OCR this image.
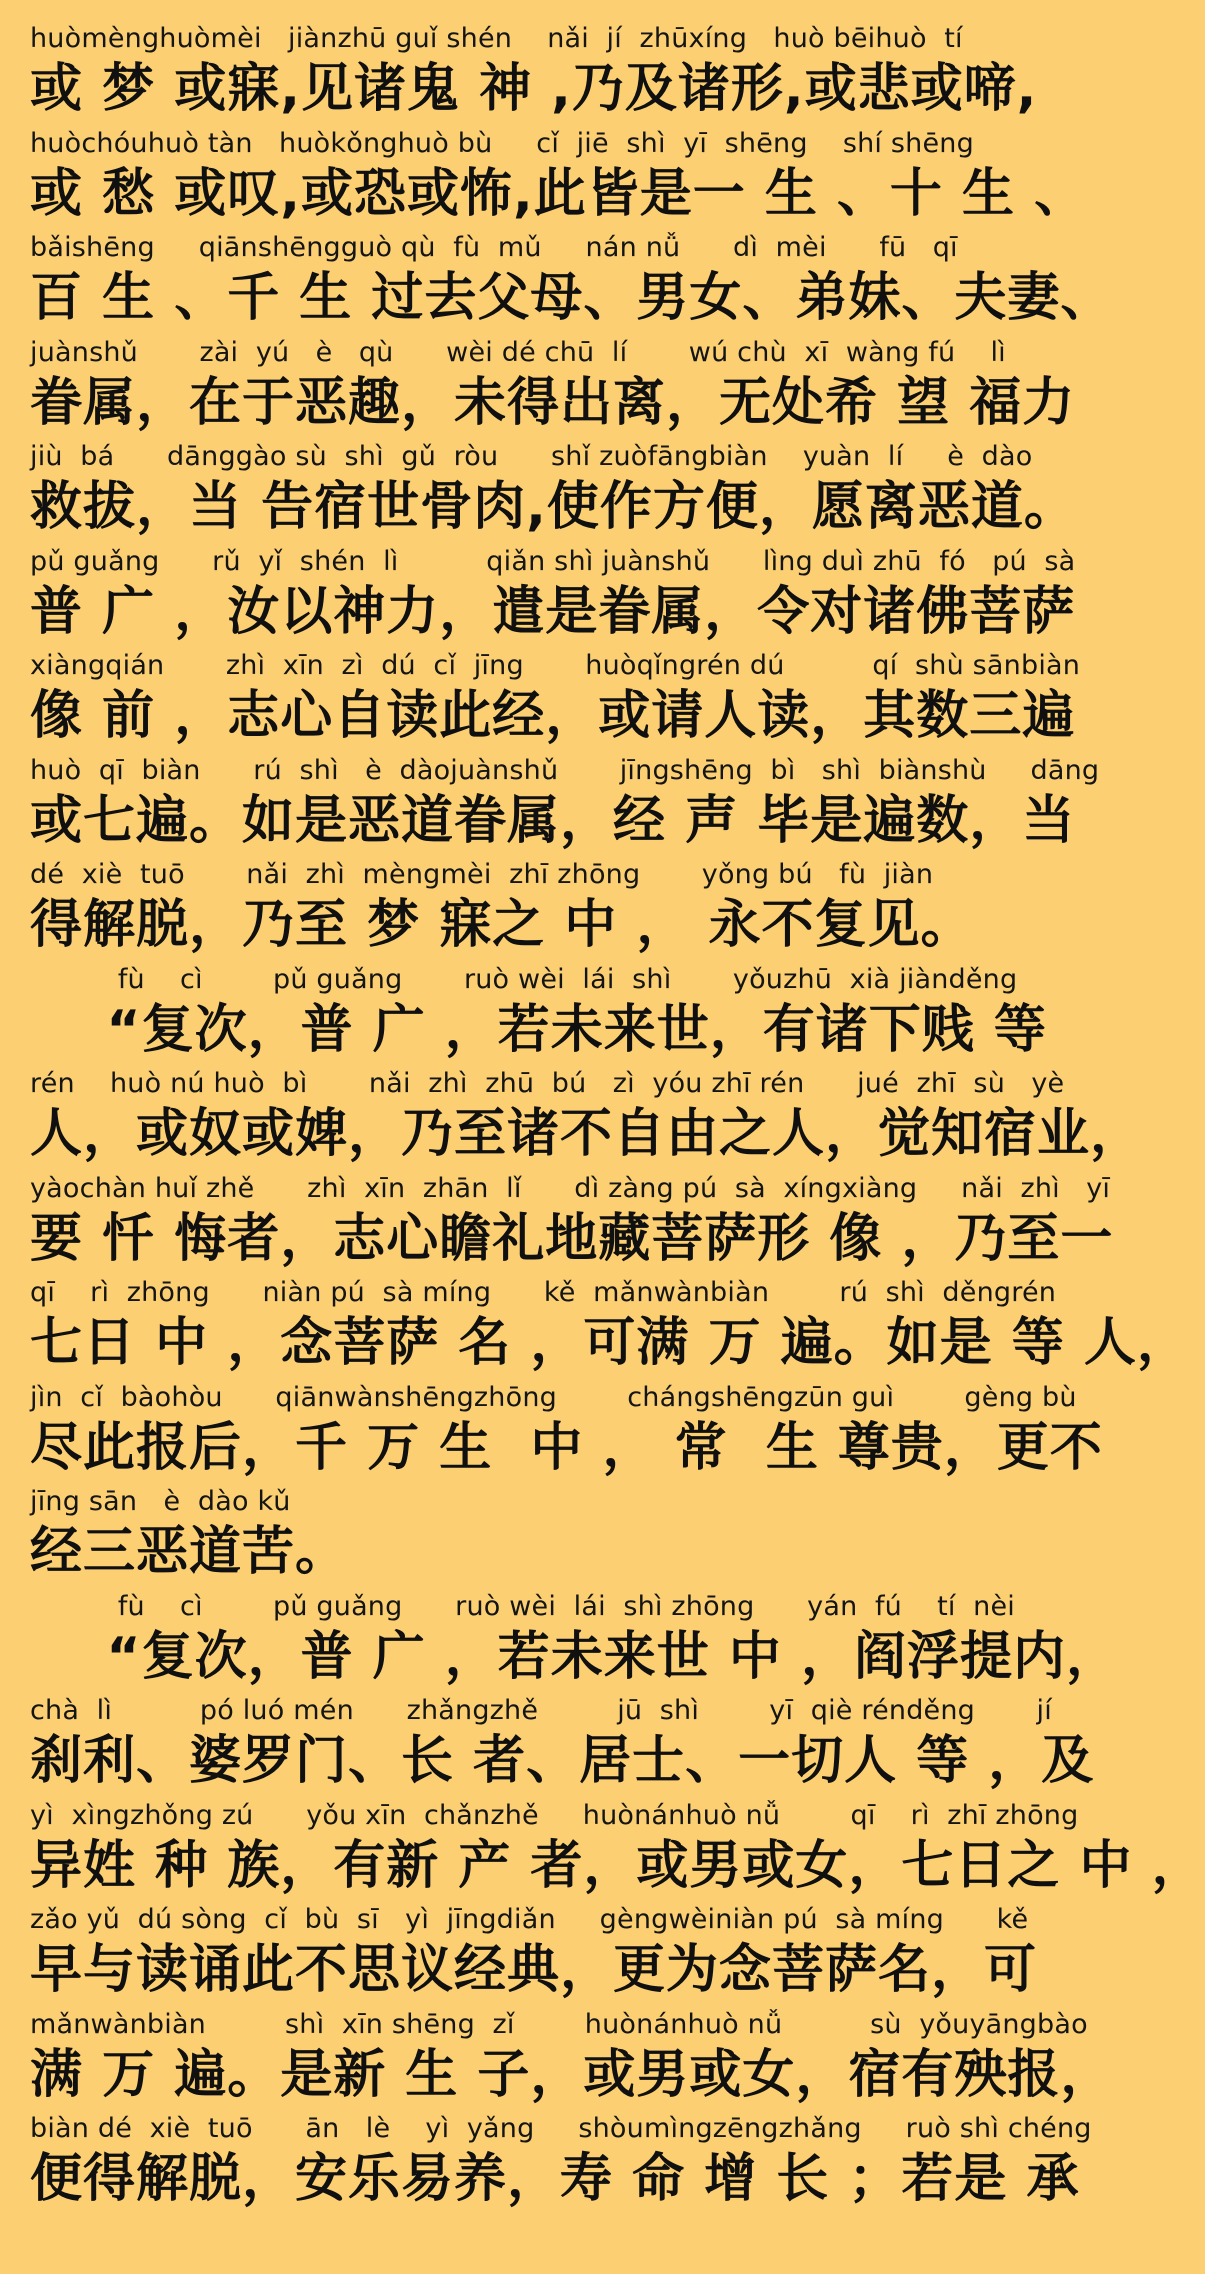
huòmènghuòmèi   jiànzhū guǐ shén    nǎi  jí  zhūxíng   huò bēihuò  tí
或 梦 或寐,见诸鬼 神 ,乃及诸形,或悲或啼,
huòchóuhuò tàn   huòkǒnghuò bù     cǐ  jiē  shì  yī  shēng    shí shēng
或 愁 或叹,或恐或怖,此皆是一 生 、十 生 、
bǎishēng     qiānshēngguò qù  fù  mǔ     nán nǚ      dì  mèi      fū   qī
百 生 、千 生 过去父母、男女、弟妹、夫妻、
juànshǔ       zài  yú   è   qù      wèi dé chū  lí       wú chù  xī  wàng fú    lì
眷属，在于恶趣，未得出离，无处希 望 福力
jiù  bá      dānggào sù  shì  gǔ  ròu      shǐ zuòfāngbiàn    yuàn  lí     è  dào
救拔，当 告宿世骨肉,使作方便，愿离恶道。
pǔ guǎng      rǔ  yǐ  shén  lì          qiǎn shì juànshǔ      lìng duì zhū  fó   pú  sà
普 广 ，汝以神力，遣是眷属，令对诸佛菩萨
xiàngqián       zhì  xīn  zì  dú  cǐ  jīng       huòqǐngrén dú          qí  shù sānbiàn
像 前 ，志心自读此经，或请人读，其数三遍
huò  qī  biàn      rú  shì   è  dàojuànshǔ       jīngshēng  bì   shì  biànshù     dāng
或七遍。如是恶道眷属，经 声 毕是遍数，当
dé  xiè  tuō       nǎi  zhì  mèngmèi  zhī zhōng       yǒng bú   fù  jiàn
得解脱，乃至 梦 寐之 中 ， 永不复见。
fù    cì        pǔ guǎng       ruò wèi  lái  shì       yǒuzhū  xià jiànděng
“复次，普 广 ，若未来世，有诸下贱 等
rén    huò nú huò  bì       nǎi  zhì  zhū  bú   zì  yóu zhī rén      jué  zhī  sù   yè
人，或奴或婢，乃至诸不自由之人，觉知宿业，
yàochàn huǐ zhě      zhì  xīn  zhān  lǐ      dì zàng pú  sà  xíngxiàng     nǎi  zhì   yī
要 忏 悔者，志心瞻礼地藏菩萨形 像 ，乃至一
qī    rì  zhōng      niàn pú  sà míng      kě  mǎnwànbiàn        rú  shì  děngrén
七日 中 ，念菩萨 名 ，可满 万 遍。如是 等 人，
jìn  cǐ  bàohòu      qiānwànshēngzhōng        chángshēngzūn guì        gèng bù
尽此报后，千 万 生  中 ， 常  生 尊贵，更不
jīng sān   è  dào kǔ
经三恶道苦。
fù    cì        pǔ guǎng      ruò wèi  lái  shì zhōng      yán  fú    tí  nèi
“复次，普 广 ，若未来世 中 ，阎浮提内，
chà  lì          pó luó mén      zhǎngzhě         jū  shì        yī  qiè rénděng       jí
刹利、婆罗门、长 者、居士、一切人 等 ，及
yì  xìngzhǒng zú      yǒu xīn  chǎnzhě     huònánhuò nǚ        qī    rì  zhī zhōng
异姓 种 族，有新 产 者，或男或女，七日之 中 ，
zǎo yǔ  dú sòng  cǐ  bù  sī   yì  jīngdiǎn     gèngwèiniàn pú  sà míng      kě
早与读诵此不思议经典，更为念菩萨名，可
mǎnwànbiàn         shì  xīn shēng  zǐ        huònánhuò nǚ          sù  yǒuyāngbào
满 万 遍。是新 生 子，或男或女，宿有殃报，
biàn dé  xiè  tuō      ān   lè    yì  yǎng     shòumìngzēngzhǎng     ruò shì chéng
便得解脱，安乐易养，寿 命 增 长 ；若是 承
